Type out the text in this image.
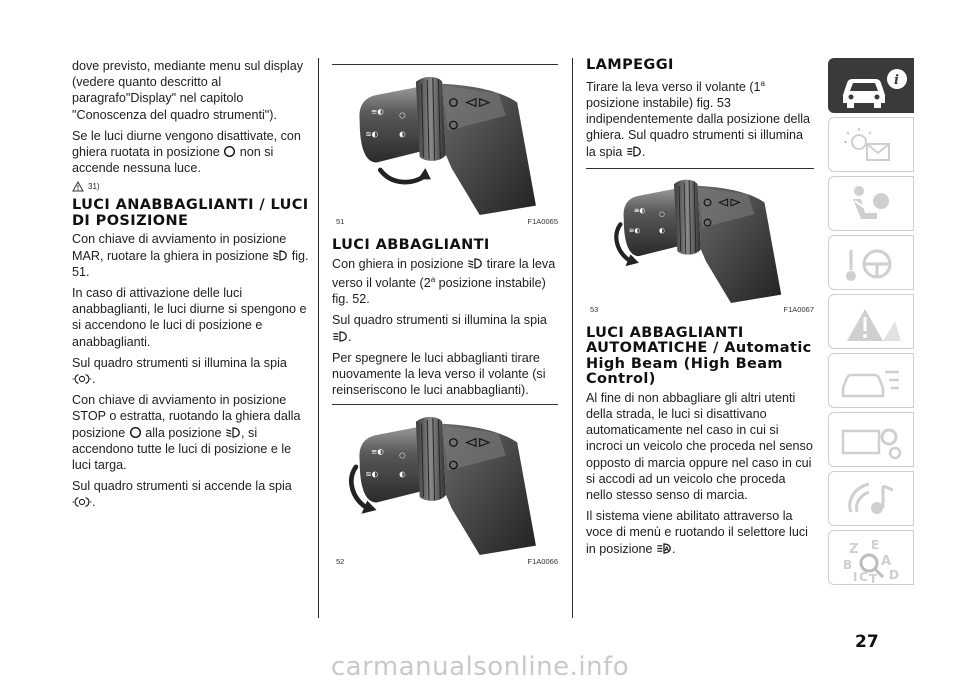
dove previsto, mediante menu sul display (vedere quanto descritto al paragrafo"Display" nel capitolo "Conoscenza del quadro strumenti").

Se le luci diurne vengono disattivate, con ghiera ruotata in posizione  non si accende nessuna luce.

31)
LUCI ANABBAGLIANTI / LUCI DI POSIZIONE

Con chiave di avviamento in posizione MAR, ruotare la ghiera in posizione  fig. 51.

In caso di attivazione delle luci anabbaglianti, le luci diurne si spengono e si accendono le luci di posizione e anabbaglianti.

Sul quadro strumenti si illumina la spia
.

Con chiave di avviamento in posizione STOP o estratta, ruotando la ghiera dalla posizione  alla posizione , si accendono tutte le luci di posizione e le luci targa.

Sul quadro strumenti si accende la spia
.

51	F1A0065
LUCI ABBAGLIANTI

Con ghiera in posizione  tirare la leva verso il volante (2$^a$ posizione instabile) fig. 52.

Sul quadro strumenti si illumina la spia .

Per spegnere le luci abbaglianti tirare nuovamente la leva verso il volante (si reinseriscono le luci anabbaglianti).

52	F1A0066
LAMPEGGI

Tirare la leva verso il volante (1$^a$ posizione instabile) fig. 53 indipendentemente dalla posizione della ghiera. Sul quadro strumenti si illumina la spia .

53	F1A0067
LUCI ABBAGLIANTI AUTOMATICHE / Automatic High Beam (High Beam Control)

Al fine di non abbagliare gli altri utenti della strada, le luci si disattivano automaticamente nel caso in cui si incroci un veicolo che proceda nel senso opposto di marcia oppure nel caso in cui si accodi ad un veicolo che proceda nello stesso senso di marcia.

Il sistema viene abilitato attraverso la voce di menù e ruotando il selettore luci in posizione .

i
Z E
B A
I C T D
27
carmanualsonline.info
